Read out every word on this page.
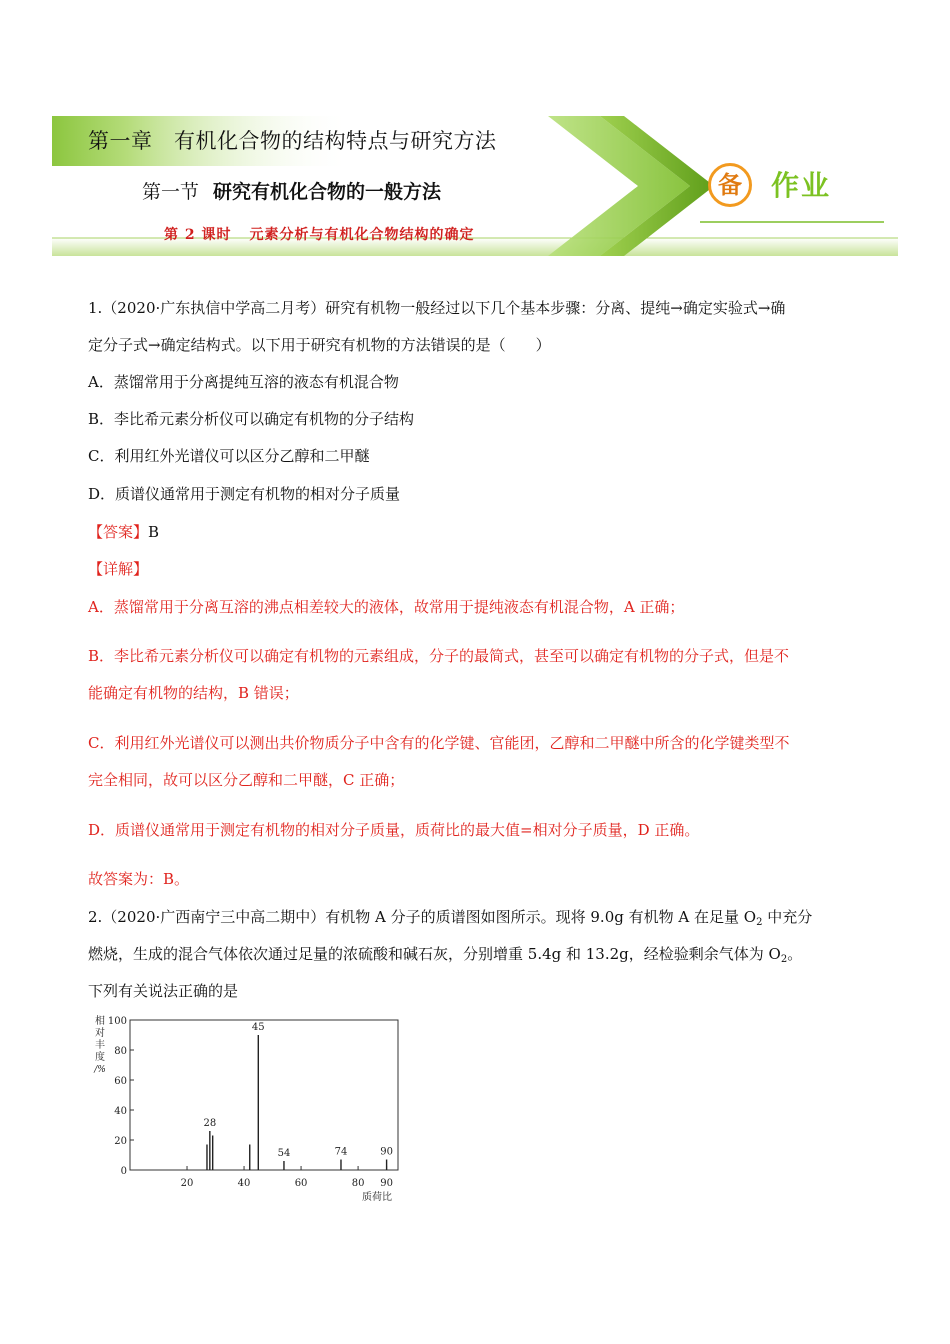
第一章　有机化合物的结构特点与研究方法
第一节 研究有机化合物的一般方法
第 2 课时 元素分析与有机化合物结构的确定
备	作业
1.（2020·广东执信中学高二月考）研究有机物一般经过以下几个基本步骤：分离、提纯→确定实验式→确
定分子式→确定结构式。以下用于研究有机物的方法错误的是（　　）
A．蒸馏常用于分离提纯互溶的液态有机混合物
B．李比希元素分析仪可以确定有机物的分子结构
C．利用红外光谱仪可以区分乙醇和二甲醚
D．质谱仪通常用于测定有机物的相对分子质量
【答案】B
【详解】
A．蒸馏常用于分离互溶的沸点相差较大的液体，故常用于提纯液态有机混合物，A 正确；
B．李比希元素分析仪可以确定有机物的元素组成，分子的最简式，甚至可以确定有机物的分子式，但是不
能确定有机物的结构，B 错误；
C．利用红外光谱仪可以测出共价物质分子中含有的化学键、官能团，乙醇和二甲醚中所含的化学键类型不
完全相同，故可以区分乙醇和二甲醚，C 正确；
D．质谱仪通常用于测定有机物的相对分子质量，质荷比的最大值=相对分子质量，D 正确。
故答案为：B。
2.（2020·广西南宁三中高二期中）有机物 A 分子的质谱图如图所示。现将 9.0g 有机物 A 在足量 $O_2$ 中充分
燃烧，生成的混合气体依次通过足量的浓硫酸和碱石灰，分别增重 5.4g 和 13.2g，经检验剩余气体为 $O_2$。
下列有关说法正确的是
0
20
40
60
80
100
20	40	60	80 90
28
45
54	74	90
相
对
丰
度
/%
质荷比
